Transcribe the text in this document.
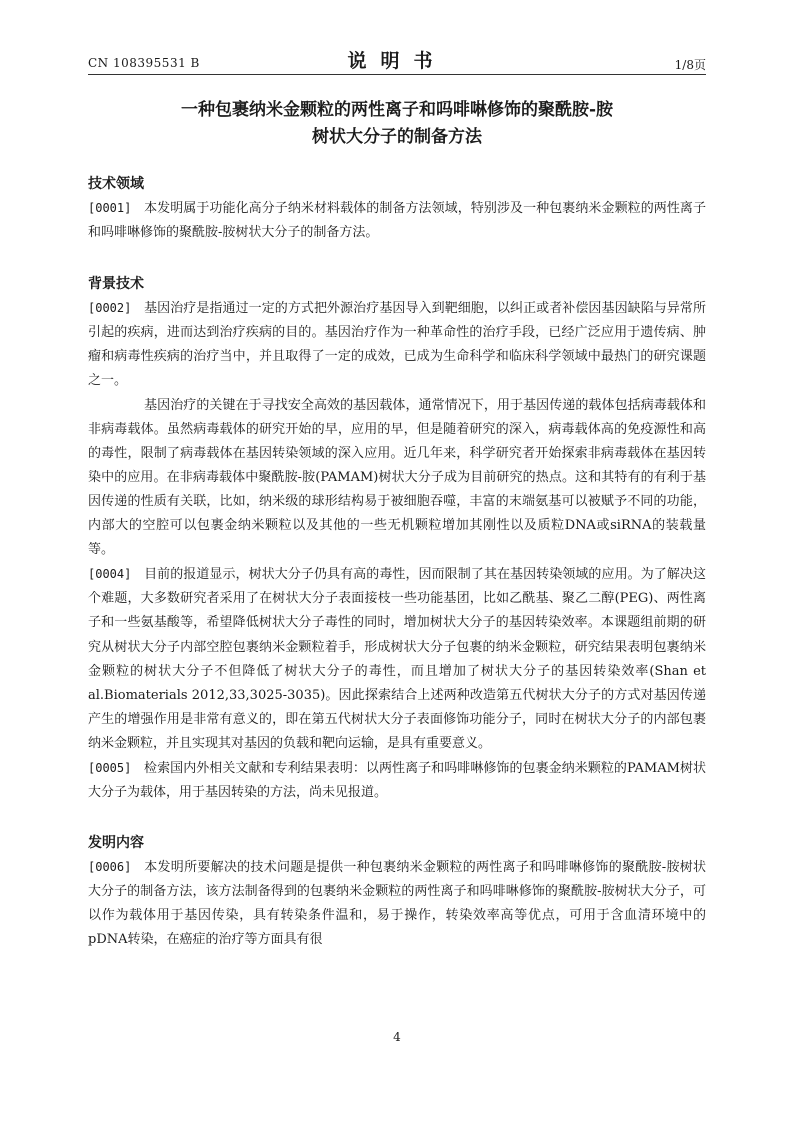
CN 108395531 B	说明书	1/8页
一种包裹纳米金颗粒的两性离子和吗啡啉修饰的聚酰胺-胺
树状大分子的制备方法
技术领域

[0001] 本发明属于功能化高分子纳米材料载体的制备方法领域，特别涉及一种包裹纳米金颗粒的两性离子和吗啡啉修饰的聚酰胺-胺树状大分子的制备方法。

背景技术

[0002] 基因治疗是指通过一定的方式把外源治疗基因导入到靶细胞，以纠正或者补偿因基因缺陷与异常所引起的疾病，进而达到治疗疾病的目的。基因治疗作为一种革命性的治疗手段，已经广泛应用于遗传病、肿瘤和病毒性疾病的治疗当中，并且取得了一定的成效，已成为生命科学和临床科学领域中最热门的研究课题之一。

基因治疗的关键在于寻找安全高效的基因载体，通常情况下，用于基因传递的载体包括病毒载体和非病毒载体。虽然病毒载体的研究开始的早，应用的早，但是随着研究的深入，病毒载体高的免疫源性和高的毒性，限制了病毒载体在基因转染领域的深入应用。近几年来，科学研究者开始探索非病毒载体在基因转染中的应用。在非病毒载体中聚酰胺-胺(PAMAM)树状大分子成为目前研究的热点。这和其特有的有利于基因传递的性质有关联，比如，纳米级的球形结构易于被细胞吞噬，丰富的末端氨基可以被赋予不同的功能，内部大的空腔可以包裹金纳米颗粒以及其他的一些无机颗粒增加其刚性以及质粒DNA或siRNA的装载量等。

[0004] 目前的报道显示，树状大分子仍具有高的毒性，因而限制了其在基因转染领域的应用。为了解决这个难题，大多数研究者采用了在树状大分子表面接枝一些功能基团，比如乙酰基、聚乙二醇(PEG)、两性离子和一些氨基酸等，希望降低树状大分子毒性的同时，增加树状大分子的基因转染效率。本课题组前期的研究从树状大分子内部空腔包裹纳米金颗粒着手，形成树状大分子包裹的纳米金颗粒，研究结果表明包裹纳米金颗粒的树状大分子不但降低了树状大分子的毒性，而且增加了树状大分子的基因转染效率(Shan et al.Biomaterials 2012,33,3025-3035)。因此探索结合上述两种改造第五代树状大分子的方式对基因传递产生的增强作用是非常有意义的，即在第五代树状大分子表面修饰功能分子，同时在树状大分子的内部包裹纳米金颗粒，并且实现其对基因的负载和靶向运输，是具有重要意义。

[0005] 检索国内外相关文献和专利结果表明：以两性离子和吗啡啉修饰的包裹金纳米颗粒的PAMAM树状大分子为载体，用于基因转染的方法，尚未见报道。

发明内容

[0006] 本发明所要解决的技术问题是提供一种包裹纳米金颗粒的两性离子和吗啡啉修饰的聚酰胺-胺树状大分子的制备方法，该方法制备得到的包裹纳米金颗粒的两性离子和吗啡啉修饰的聚酰胺-胺树状大分子，可以作为载体用于基因传染，具有转染条件温和，易于操作，转染效率高等优点，可用于含血清环境中的pDNA转染，在癌症的治疗等方面具有很

4
